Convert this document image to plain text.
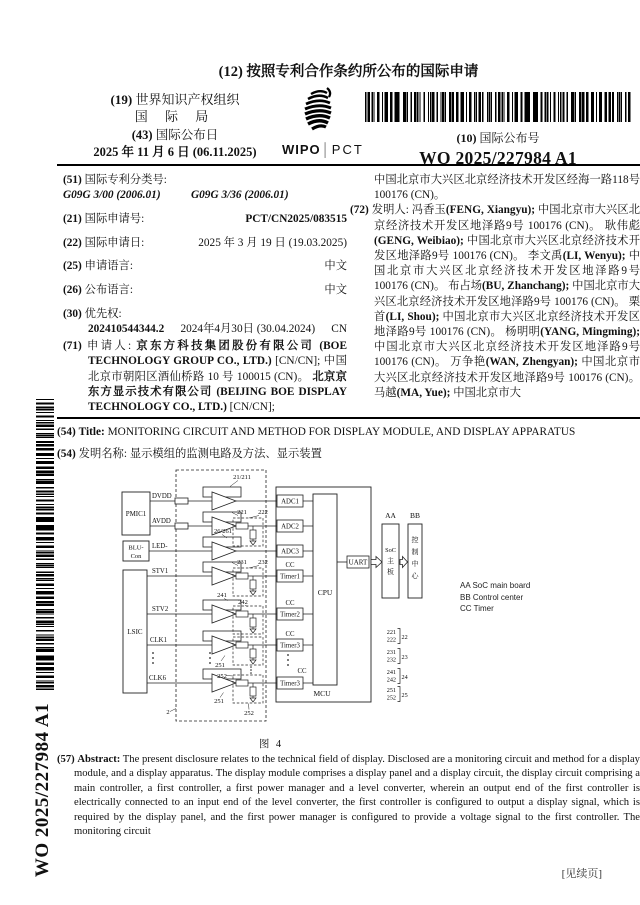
WO 2025/227984 A1
(12) 按照专利合作条约所公布的国际申请
(19) 世界知识产权组织
国 际 局
(43) 国际公布日
2025 年 11 月 6 日 (06.11.2025)	WIPO│PCT
(10) 国际公布号
WO 2025/227984 A1
(51) 国际专利分类号:
G09G 3/00 (2006.01)	G09G 3/36 (2006.01)
(21) 国际申请号:	PCT/CN2025/083515
(22) 国际申请日:	2025 年 3 月 19 日 (19.03.2025)
(25) 申请语言:	中文
(26) 公布语言:	中文
(30) 优先权:
202410544344.2 2024年4月30日 (30.04.2024) CN

(71) 申请人: 京东方科技集团股份有限公司 (BOE TECHNOLOGY GROUP CO., LTD.) [CN/CN]; 中国北京市朝阳区酒仙桥路 10 号 100015 (CN)。 北京京东方显示技术有限公司 (BEIJING BOE DISPLAY TECHNOLOGY CO., LTD.) [CN/CN];

中国北京市大兴区北京经济技术开发区经海一路118号 100176 (CN)。

(72) 发明人: 冯香玉(FENG, Xiangyu); 中国北京市大兴区北京经济技术开发区地泽路9号 100176 (CN)。 耿伟彪(GENG, Weibiao); 中国北京市大兴区北京经济技术开发区地泽路9号 100176 (CN)。 李文禹(LI, Wenyu); 中国北京市大兴区北京经济技术开发区地泽路9号 100176 (CN)。 布占场(BU, Zhanchang); 中国北京市大兴区北京经济技术开发区地泽路9号 100176 (CN)。 栗首(LI, Shou); 中国北京市大兴区北京经济技术开发区地泽路9号 100176 (CN)。 杨明明(YANG, Mingming); 中国北京市大兴区北京经济技术开发区地泽路9号 100176 (CN)。 万争艳(WAN, Zhengyan); 中国北京市大兴区北京经济技术开发区地泽路9号 100176 (CN)。 马越(MA, Yue); 中国北京市大

(54) Title: MONITORING CIRCUIT AND METHOD FOR DISPLAY MODULE, AND DISPLAY APPARATUS
(54) 发明名称: 显示模组的监测电路及方法、显示装置
PMIC1
BLU-
Con
LSIC
DVDD
AVDD
LED-
STV1
STV2
CLK1
CLK6
MCU
ADC1
ADC2
ADC3
CC
Timer1
CC
Timer2
CC
Timer3
CC
Timer3
CPU
UART
AA BB
SoC
主
板
控
制
中
心
21/211
221 222
26/261
231 232
241
242
251
252
251
252
2
221
222 22
231
232 23
241
242 24
251
252 25
AA SoC main board
BB Control center
CC Timer
图 4

(57) Abstract: The present disclosure relates to the technical field of display. Disclosed are a monitoring circuit and method for a display module, and a display apparatus. The display module comprises a display panel and a display circuit, the display circuit comprising a main controller, a first controller, a first power manager and a level converter, wherein an output end of the first controller is electrically connected to an input end of the level converter, the first controller is configured to output a display signal, which is required by the display panel, and the first power manager is configured to provide a voltage signal to the first controller. The monitoring circuit

[见续页]
